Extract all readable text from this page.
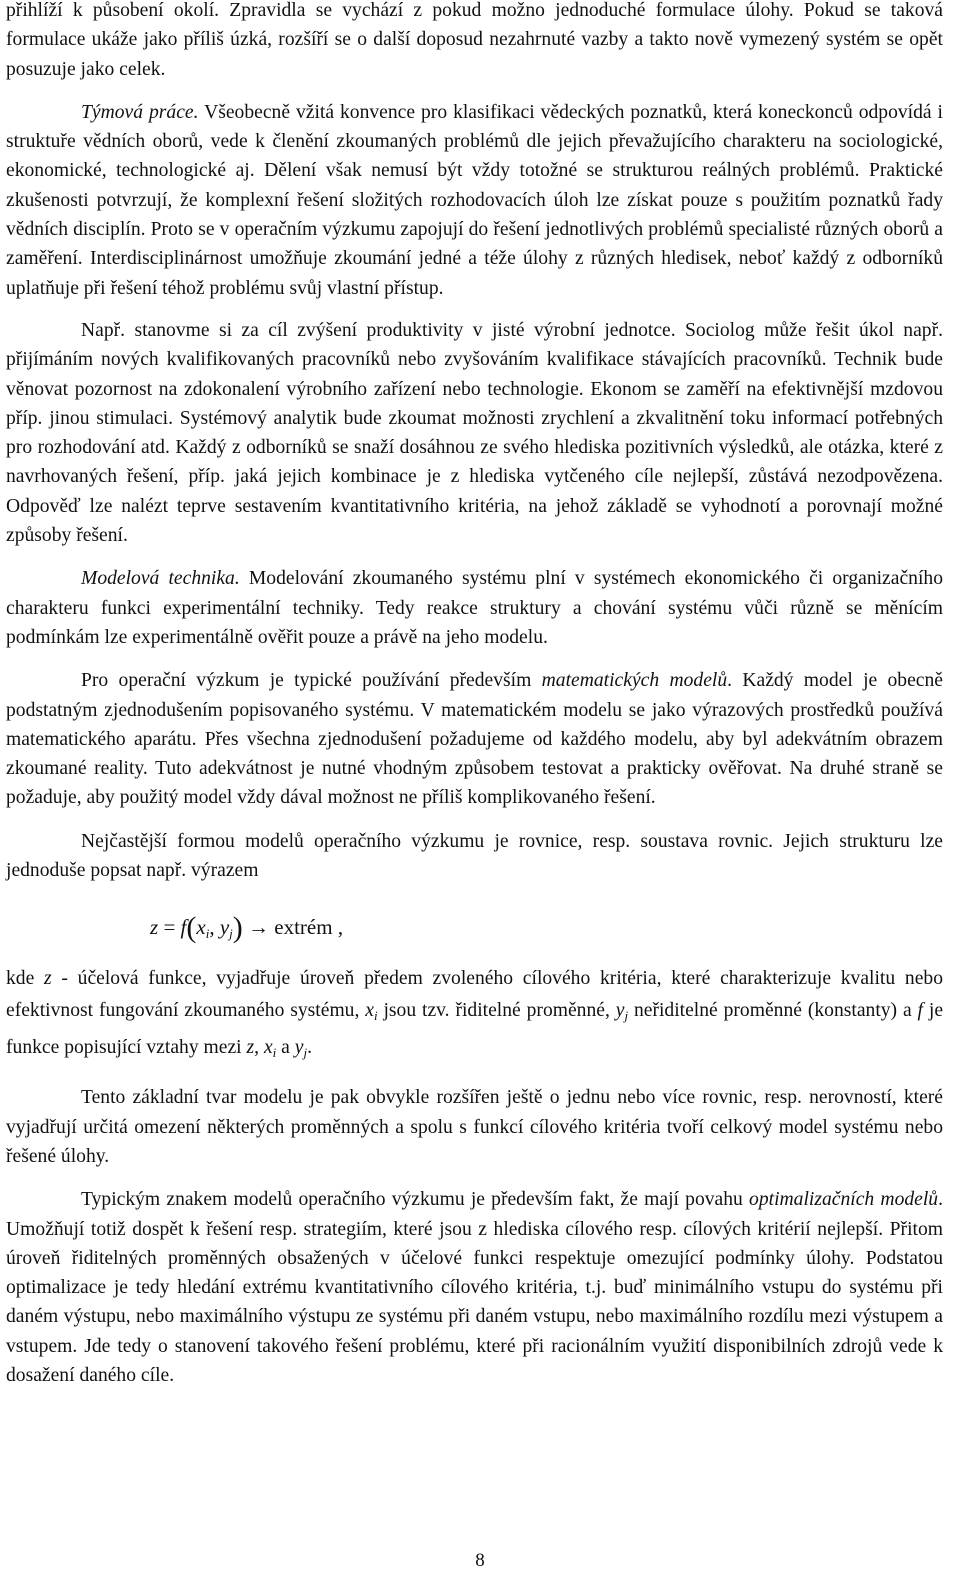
přihlíží k působení okolí. Zpravidla se vychází z pokud možno jednoduché formulace úlohy. Pokud se taková formulace ukáže jako příliš úzká, rozšíří se o další doposud nezahrnuté vazby a takto nově vymezený systém se opět posuzuje jako celek.

Týmová práce. Všeobecně vžitá konvence pro klasifikaci vědeckých poznatků, která koneckonců odpovídá i struktuře vědních oborů, vede k členění zkoumaných problémů dle jejich převažujícího charakteru na sociologické, ekonomické, technologické aj. Dělení však nemusí být vždy totožné se strukturou reálných problémů. Praktické zkušenosti potvrzují, že komplexní řešení složitých rozhodovacích úloh lze získat pouze s použitím poznatků řady vědních disciplín. Proto se v operačním výzkumu zapojují do řešení jednotlivých problémů specialisté různých oborů a zaměření. Interdisciplinárnost umožňuje zkoumání jedné a téže úlohy z různých hledisek, neboť každý z odborníků uplatňuje při řešení téhož problému svůj vlastní přístup.

Např. stanovme si za cíl zvýšení produktivity v jisté výrobní jednotce. Sociolog může řešit úkol např. přijímáním nových kvalifikovaných pracovníků nebo zvyšováním kvalifikace stávajících pracovníků. Technik bude věnovat pozornost na zdokonalení výrobního zařízení nebo technologie. Ekonom se zaměří na efektivnější mzdovou příp. jinou stimulaci. Systémový analytik bude zkoumat možnosti zrychlení a zkvalitnění toku informací potřebných pro rozhodování atd. Každý z odborníků se snaží dosáhnou ze svého hlediska pozitivních výsledků, ale otázka, které z navrhovaných řešení, příp. jaká jejich kombinace je z hlediska vytčeného cíle nejlepší, zůstává nezodpovězena. Odpověď lze nalézt teprve sestavením kvantitativního kritéria, na jehož základě se vyhodnotí a porovnají možné způsoby řešení.

Modelová technika. Modelování zkoumaného systému plní v systémech ekonomického či organizačního charakteru funkci experimentální techniky. Tedy reakce struktury a chování systému vůči různě se měnícím podmínkám lze experimentálně ověřit pouze a právě na jeho modelu.

Pro operační výzkum je typické používání především matematických modelů. Každý model je obecně podstatným zjednodušením popisovaného systému. V matematickém modelu se jako výrazových prostředků používá matematického aparátu. Přes všechna zjednodušení požadujeme od každého modelu, aby byl adekvátním obrazem zkoumané reality. Tuto adekvátnost je nutné vhodným způsobem testovat a prakticky ověřovat. Na druhé straně se požaduje, aby použitý model vždy dával možnost ne příliš komplikovaného řešení.

Nejčastější formou modelů operačního výzkumu je rovnice, resp. soustava rovnic. Jejich strukturu lze jednoduše popsat např. výrazem

$z = f(x_i$, $y_j$) → extrém ,

kde z - účelová funkce, vyjadřuje úroveň předem zvoleného cílového kritéria, které charakterizuje kvalitu nebo efektivnost fungování zkoumaného systému, $x_i$ jsou tzv. řiditelné proměnné, $y_j$ neřiditelné proměnné (konstanty) a f je funkce popisující vztahy mezi z, $x_i$ a $y_j$.

Tento základní tvar modelu je pak obvykle rozšířen ještě o jednu nebo více rovnic, resp. nerovností, které vyjadřují určitá omezení některých proměnných a spolu s funkcí cílového kritéria tvoří celkový model systému nebo řešené úlohy.

Typickým znakem modelů operačního výzkumu je především fakt, že mají povahu optimalizačních modelů. Umožňují totiž dospět k řešení resp. strategiím, které jsou z hlediska cílového resp. cílových kritérií nejlepší. Přitom úroveň řiditelných proměnných obsažených v účelové funkci respektuje omezující podmínky úlohy. Podstatou optimalizace je tedy hledání extrému kvantitativního cílového kritéria, t.j. buď minimálního vstupu do systému při daném výstupu, nebo maximálního výstupu ze systému při daném vstupu, nebo maximálního rozdílu mezi výstupem a vstupem. Jde tedy o stanovení takového řešení problému, které při racionálním využití disponibilních zdrojů vede k dosažení daného cíle.

8
